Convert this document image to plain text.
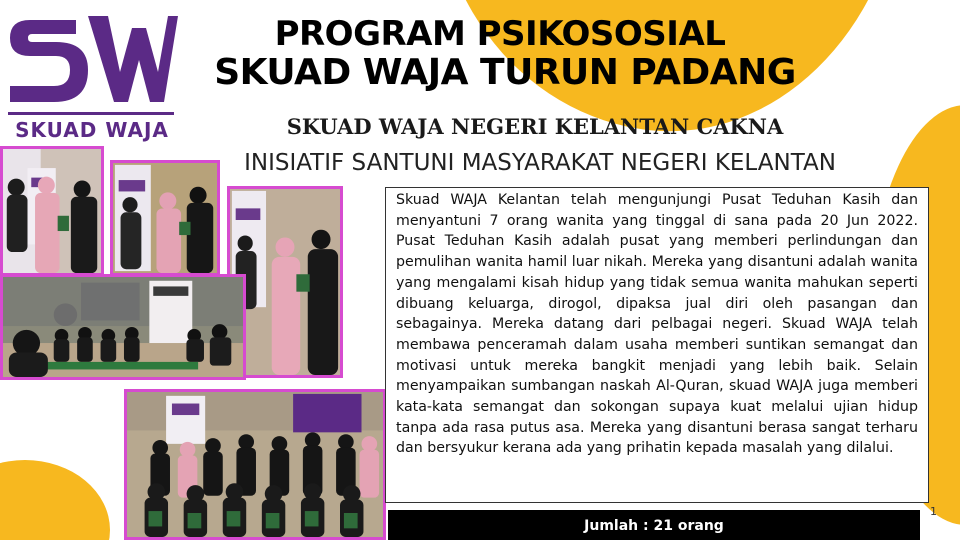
SKUAD WAJA
PROGRAM PSIKOSOSIAL
SKUAD WAJA TURUN PADANG
SKUAD WAJA NEGERI KELANTAN CAKNA
INISIATIF SANTUNI MASYARAKAT NEGERI KELANTAN

Skuad WAJA Kelantan telah mengunjungi Pusat Teduhan Kasih dan menyantuni 7 orang wanita yang tinggal di sana pada 20 Jun 2022. Pusat Teduhan Kasih adalah pusat yang memberi perlindungan dan pemulihan wanita hamil luar nikah. Mereka yang disantuni adalah wanita yang mengalami kisah hidup yang tidak semua wanita mahukan seperti dibuang keluarga, dirogol, dipaksa jual diri oleh pasangan dan sebagainya. Mereka datang dari pelbagai negeri. Skuad WAJA telah membawa penceramah dalam usaha memberi suntikan semangat dan motivasi untuk mereka bangkit menjadi yang lebih baik. Selain menyampaikan sumbangan naskah Al-Quran, skuad WAJA juga memberi kata-kata semangat dan sokongan supaya kuat melalui ujian hidup tanpa ada rasa putus asa. Mereka yang disantuni berasa sangat terharu dan bersyukur kerana ada yang prihatin kepada masalah yang dilalui.

Jumlah : 21 orang
1
